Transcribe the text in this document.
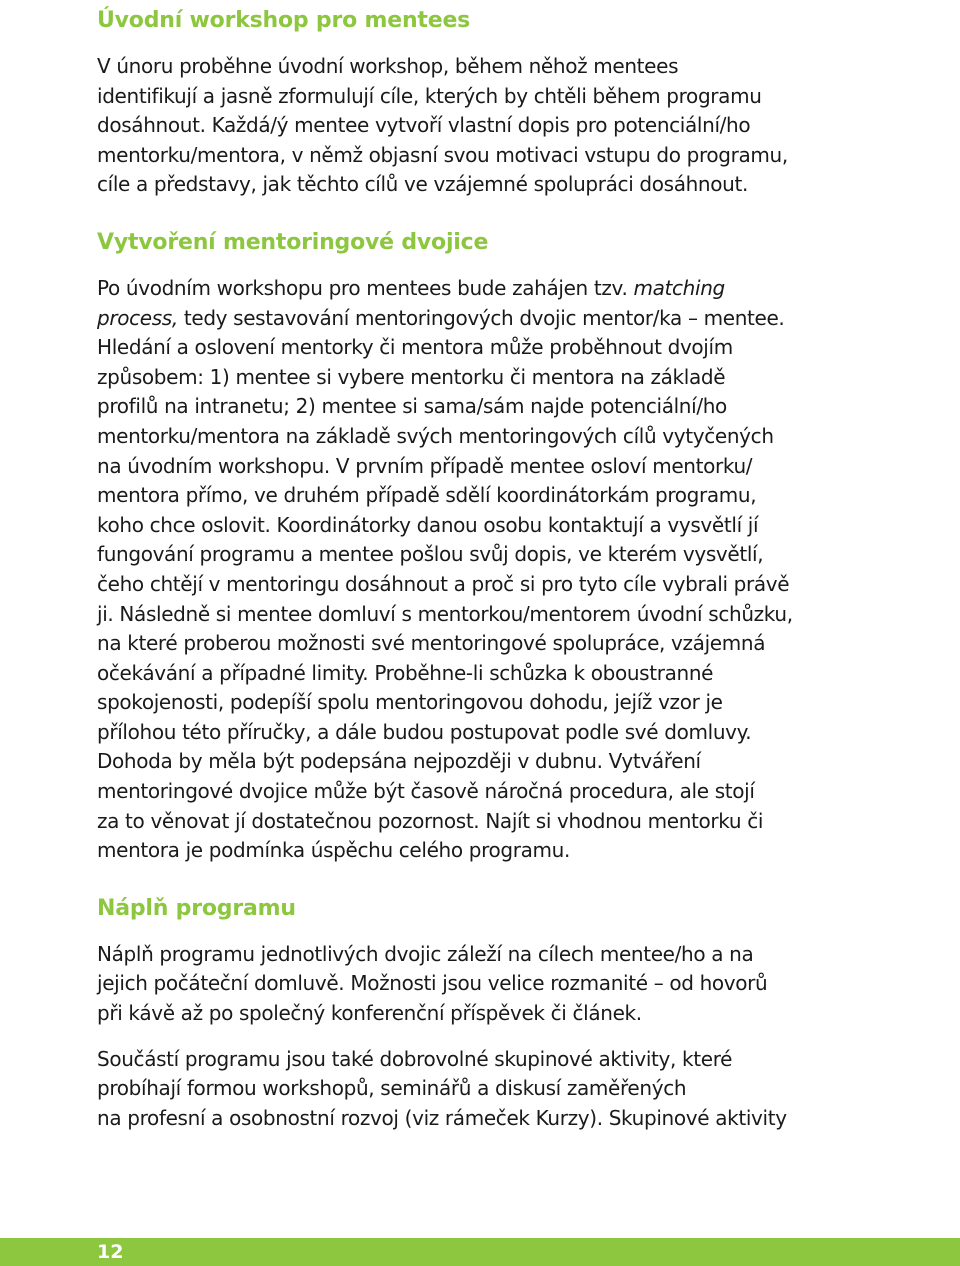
Úvodní workshop pro mentees

V únoru proběhne úvodní workshop, během něhož mentees
identifikují a jasně zformulují cíle, kterých by chtěli během programu
dosáhnout. Každá/ý mentee vytvoří vlastní dopis pro potenciální/ho
mentorku/mentora, v němž objasní svou motivaci vstupu do programu,
cíle a představy, jak těchto cílů ve vzájemné spolupráci dosáhnout.

Vytvoření mentoringové dvojice

Po úvodním workshopu pro mentees bude zahájen tzv. matching
process, tedy sestavování mentoringových dvojic mentor/ka – mentee.
Hledání a oslovení mentorky či mentora může proběhnout dvojím
způsobem: 1) mentee si vybere mentorku či mentora na základě
profilů na intranetu; 2) mentee si sama/sám najde potenciální/ho
mentorku/mentora na základě svých mentoringových cílů vytyčených
na úvodním workshopu. V prvním případě mentee osloví mentorku/
mentora přímo, ve druhém případě sdělí koordinátorkám programu,
koho chce oslovit. Koordinátorky danou osobu kontaktují a vysvětlí jí
fungování programu a mentee pošlou svůj dopis, ve kterém vysvětlí,
čeho chtějí v mentoringu dosáhnout a proč si pro tyto cíle vybrali právě
ji. Následně si mentee domluví s mentorkou/mentorem úvodní schůzku,
na které proberou možnosti své mentoringové spolupráce, vzájemná
očekávání a případné limity. Proběhne-li schůzka k oboustranné
spokojenosti, podepíší spolu mentoringovou dohodu, jejíž vzor je
přílohou této příručky, a dále budou postupovat podle své domluvy.
Dohoda by měla být podepsána nejpozději v dubnu. Vytváření
mentoringové dvojice může být časově náročná procedura, ale stojí
za to věnovat jí dostatečnou pozornost. Najít si vhodnou mentorku či
mentora je podmínka úspěchu celého programu.

Náplň programu

Náplň programu jednotlivých dvojic záleží na cílech mentee/ho a na
jejich počáteční domluvě. Možnosti jsou velice rozmanité – od hovorů
při kávě až po společný konferenční příspěvek či článek.

Součástí programu jsou také dobrovolné skupinové aktivity, které
probíhají formou workshopů, seminářů a diskusí zaměřených
na profesní a osobnostní rozvoj (viz rámeček Kurzy). Skupinové aktivity

12
